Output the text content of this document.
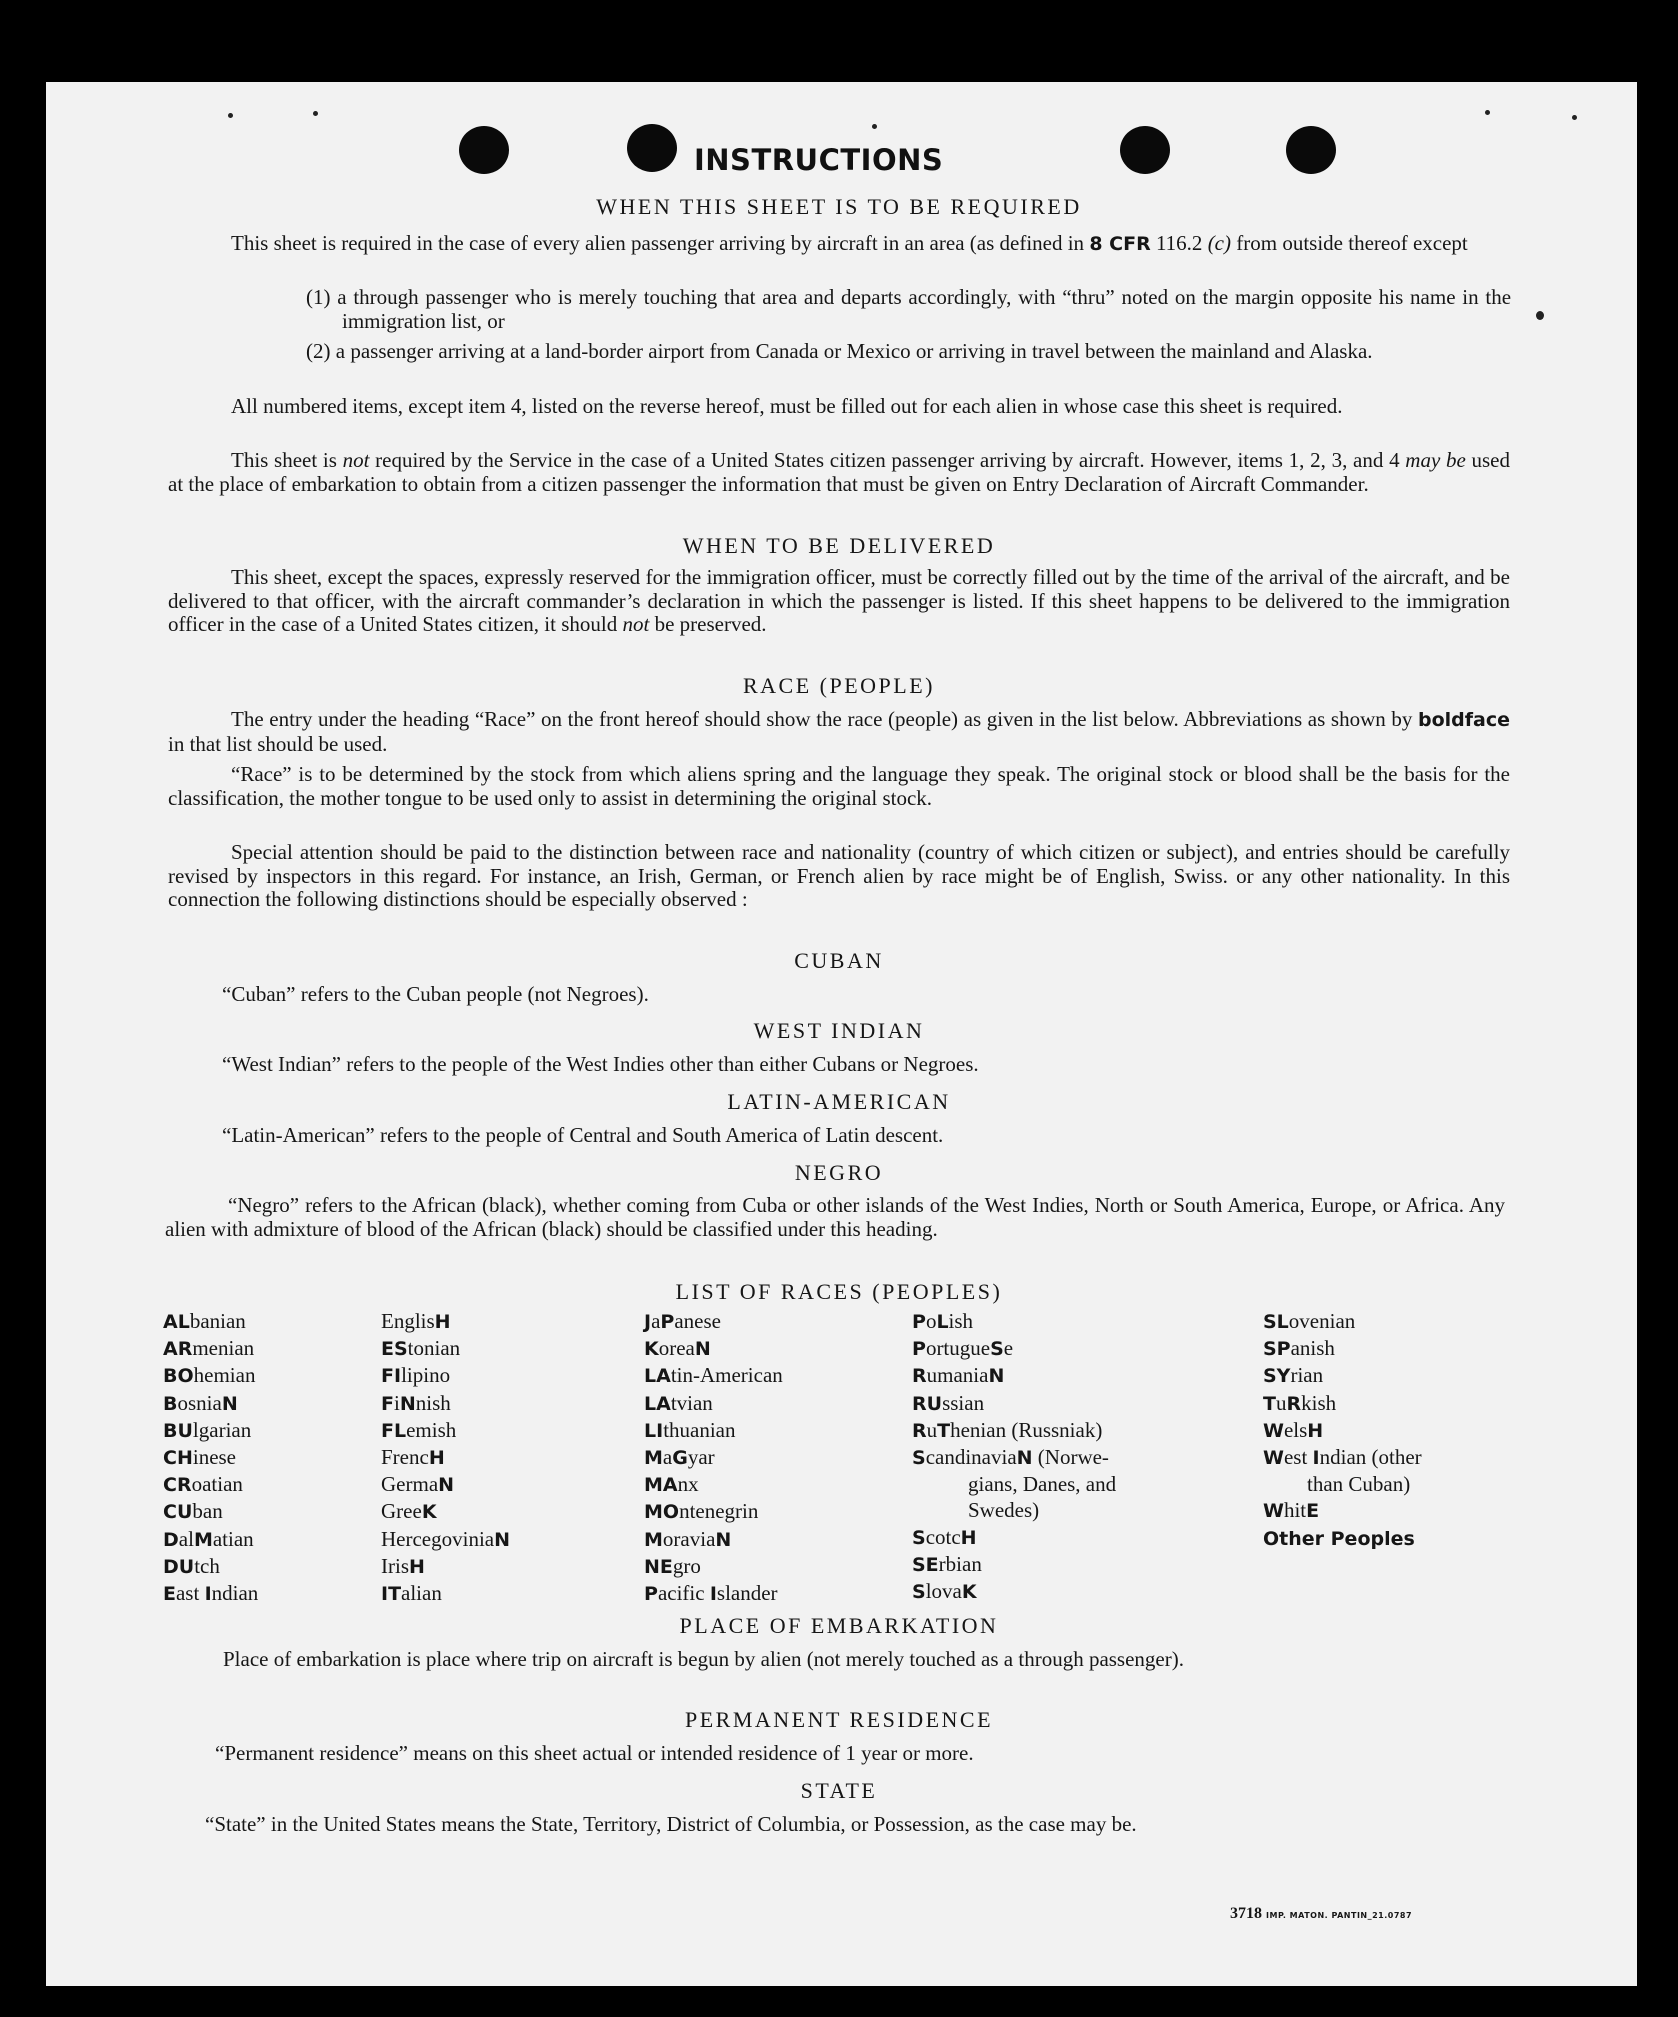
INSTRUCTIONS
WHEN THIS SHEET IS TO BE REQUIRED

This sheet is required in the case of every alien passenger arriving by aircraft in an area (as defined in 8 CFR 116.2 (c) from outside thereof except

(1) a through passenger who is merely touching that area and departs accordingly, with “thru” noted on the margin opposite his name in the immigration list, or

(2) a passenger arriving at a land-border airport from Canada or Mexico or arriving in travel between the mainland and Alaska.

All numbered items, except item 4, listed on the reverse hereof, must be filled out for each alien in whose case this sheet is required.

This sheet is not required by the Service in the case of a United States citizen passenger arriving by aircraft. However, items 1, 2, 3, and 4 may be used at the place of embarkation to obtain from a citizen passenger the information that must be given on Entry Declaration of Aircraft Commander.

WHEN TO BE DELIVERED

This sheet, except the spaces, expressly reserved for the immigration officer, must be correctly filled out by the time of the arrival of the aircraft, and be delivered to that officer, with the aircraft commander’s declaration in which the passenger is listed. If this sheet happens to be delivered to the immigration officer in the case of a United States citizen, it should not be preserved.

RACE (PEOPLE)

The entry under the heading “Race” on the front hereof should show the race (people) as given in the list below. Abbreviations as shown by boldface in that list should be used.

“Race” is to be determined by the stock from which aliens spring and the language they speak. The original stock or blood shall be the basis for the classification, the mother tongue to be used only to assist in determining the original stock.

Special attention should be paid to the distinction between race and nationality (country of which citizen or subject), and entries should be carefully revised by inspectors in this regard. For instance, an Irish, German, or French alien by race might be of English, Swiss. or any other nationality. In this connection the following distinctions should be especially observed :

CUBAN

“Cuban” refers to the Cuban people (not Negroes).

WEST INDIAN

“West Indian” refers to the people of the West Indies other than either Cubans or Negroes.

LATIN-AMERICAN

“Latin-American” refers to the people of Central and South America of Latin descent.

NEGRO

“Negro” refers to the African (black), whether coming from Cuba or other islands of the West Indies, North or South America, Europe, or Africa. Any alien with admixture of blood of the African (black) should be classified under this heading.

LIST OF RACES (PEOPLES)
ALbanian
ARmenian
BOhemian
BosniaN
BUlgarian
CHinese
CRoatian
CUban
DalMatian
DUtch
East Indian
EnglisH
EStonian
FIlipino
FiNnish
FLemish
FrencH
GermaN
GreeK
HercegoviniaN
IrisH
ITalian
JaPanese
KoreaN
LAtin-American
LAtvian
LIthuanian
MaGyar
MAnx
MOntenegrin
MoraviaN
NEgro
Pacific Islander
PoLish
PortugueSe
RumaniaN
RUssian
RuThenian (Russniak)
ScandinaviaN (Norwe-
gians, Danes, and
Swedes)
ScotcH
SErbian
SlovaK
SLovenian
SPanish
SYrian
TuRkish
WelsH
West Indian (other
than Cuban)
WhitE
Other Peoples
PLACE OF EMBARKATION

Place of embarkation is place where trip on aircraft is begun by alien (not merely touched as a through passenger).

PERMANENT RESIDENCE

“Permanent residence” means on this sheet actual or intended residence of 1 year or more.

STATE

“State” in the United States means the State, Territory, District of Columbia, or Possession, as the case may be.

3718 IMP. MATON. PANTIN_21.0787
